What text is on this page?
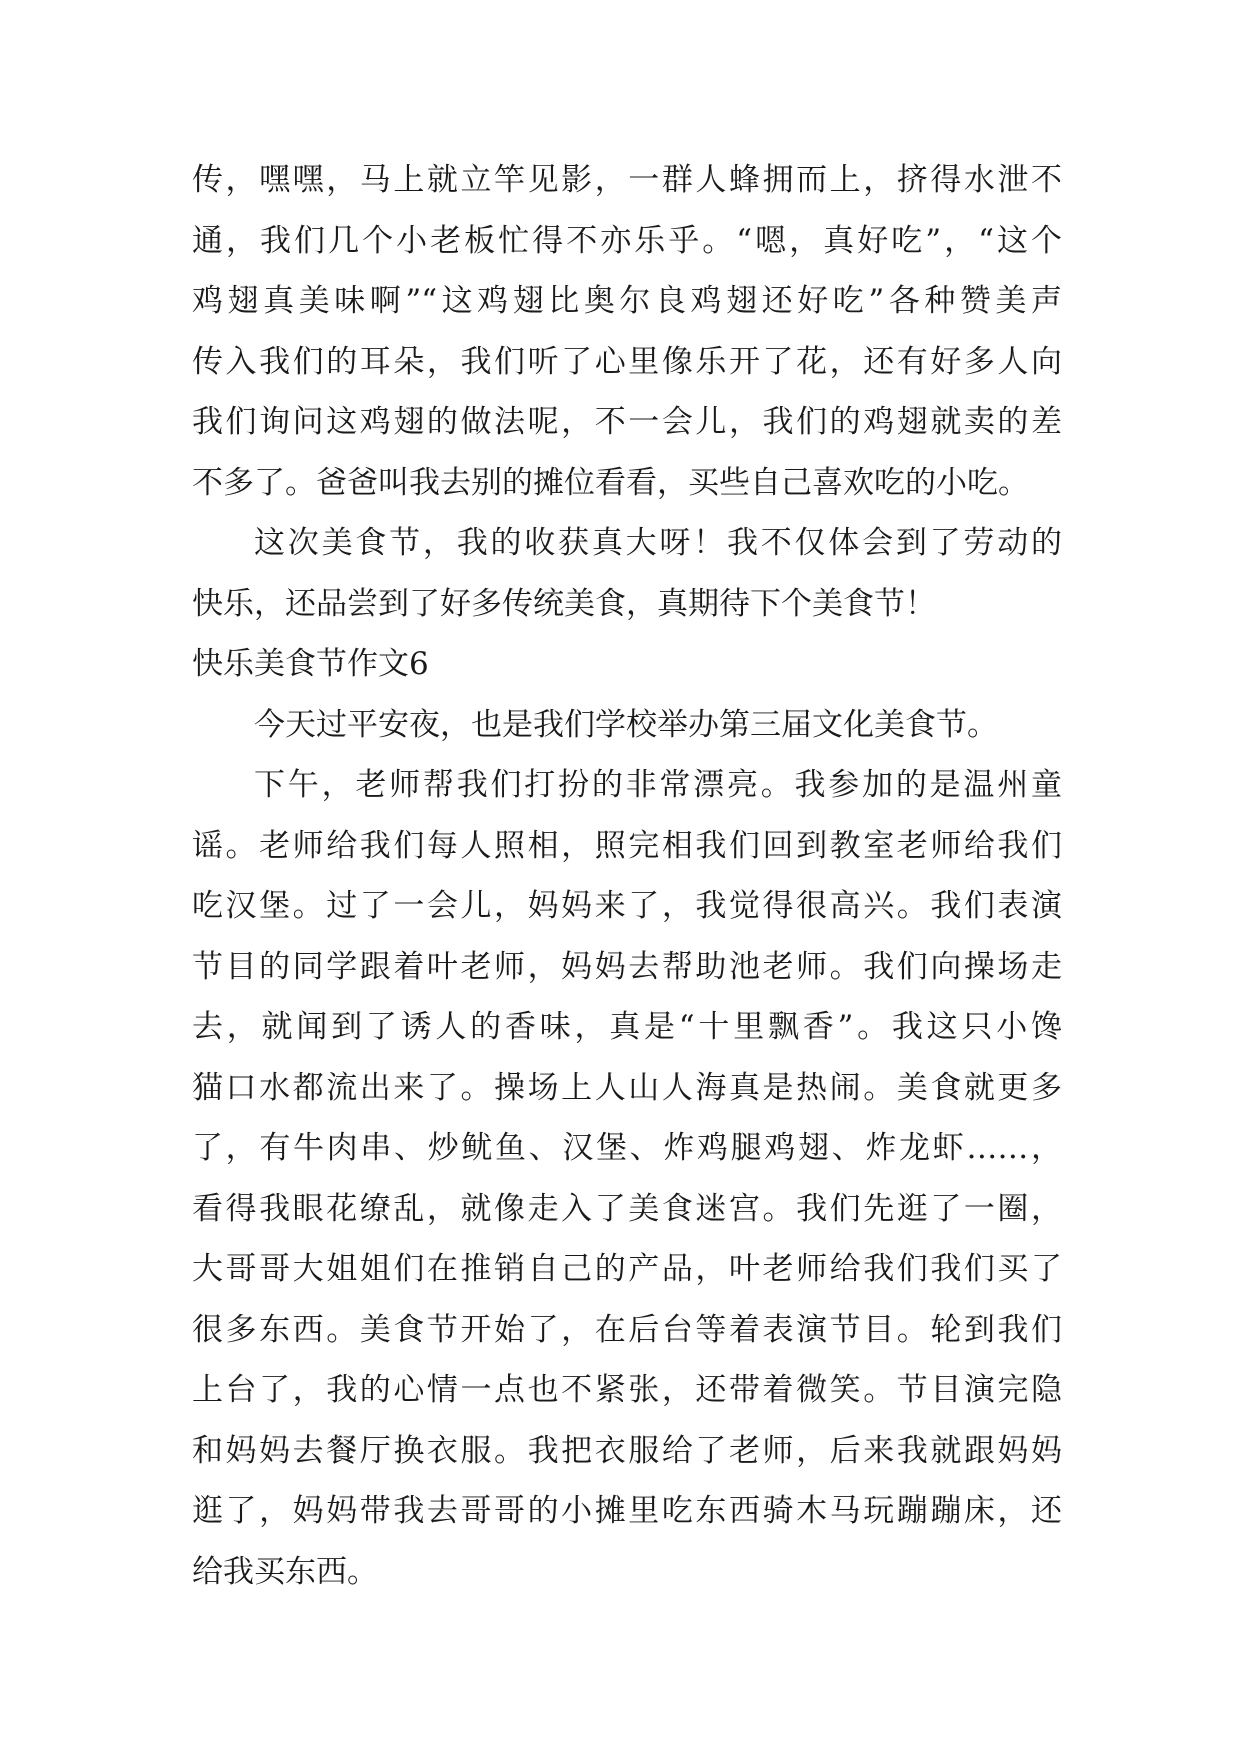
传，嘿嘿，马上就立竿见影，一群人蜂拥而上，挤得水泄不
通，我们几个小老板忙得不亦乐乎。“嗯，真好吃”，“这个
鸡翅真美味啊”“这鸡翅比奥尔良鸡翅还好吃”各种赞美声
传入我们的耳朵，我们听了心里像乐开了花，还有好多人向
我们询问这鸡翅的做法呢，不一会儿，我们的鸡翅就卖的差
不多了。爸爸叫我去别的摊位看看，买些自己喜欢吃的小吃。
这次美食节，我的收获真大呀！我不仅体会到了劳动的
快乐，还品尝到了好多传统美食，真期待下个美食节！
快乐美食节作文6
今天过平安夜，也是我们学校举办第三届文化美食节。
下午，老师帮我们打扮的非常漂亮。我参加的是温州童
谣。老师给我们每人照相，照完相我们回到教室老师给我们
吃汉堡。过了一会儿，妈妈来了，我觉得很高兴。我们表演
节目的同学跟着叶老师，妈妈去帮助池老师。我们向操场走
去，就闻到了诱人的香味，真是“十里飘香”。我这只小馋
猫口水都流出来了。操场上人山人海真是热闹。美食就更多
了，有牛肉串、炒鱿鱼、汉堡、炸鸡腿鸡翅、炸龙虾……，
看得我眼花缭乱，就像走入了美食迷宫。我们先逛了一圈，
大哥哥大姐姐们在推销自己的产品，叶老师给我们我们买了
很多东西。美食节开始了，在后台等着表演节目。轮到我们
上台了，我的心情一点也不紧张，还带着微笑。节目演完隐
和妈妈去餐厅换衣服。我把衣服给了老师，后来我就跟妈妈
逛了，妈妈带我去哥哥的小摊里吃东西骑木马玩蹦蹦床，还
给我买东西。
